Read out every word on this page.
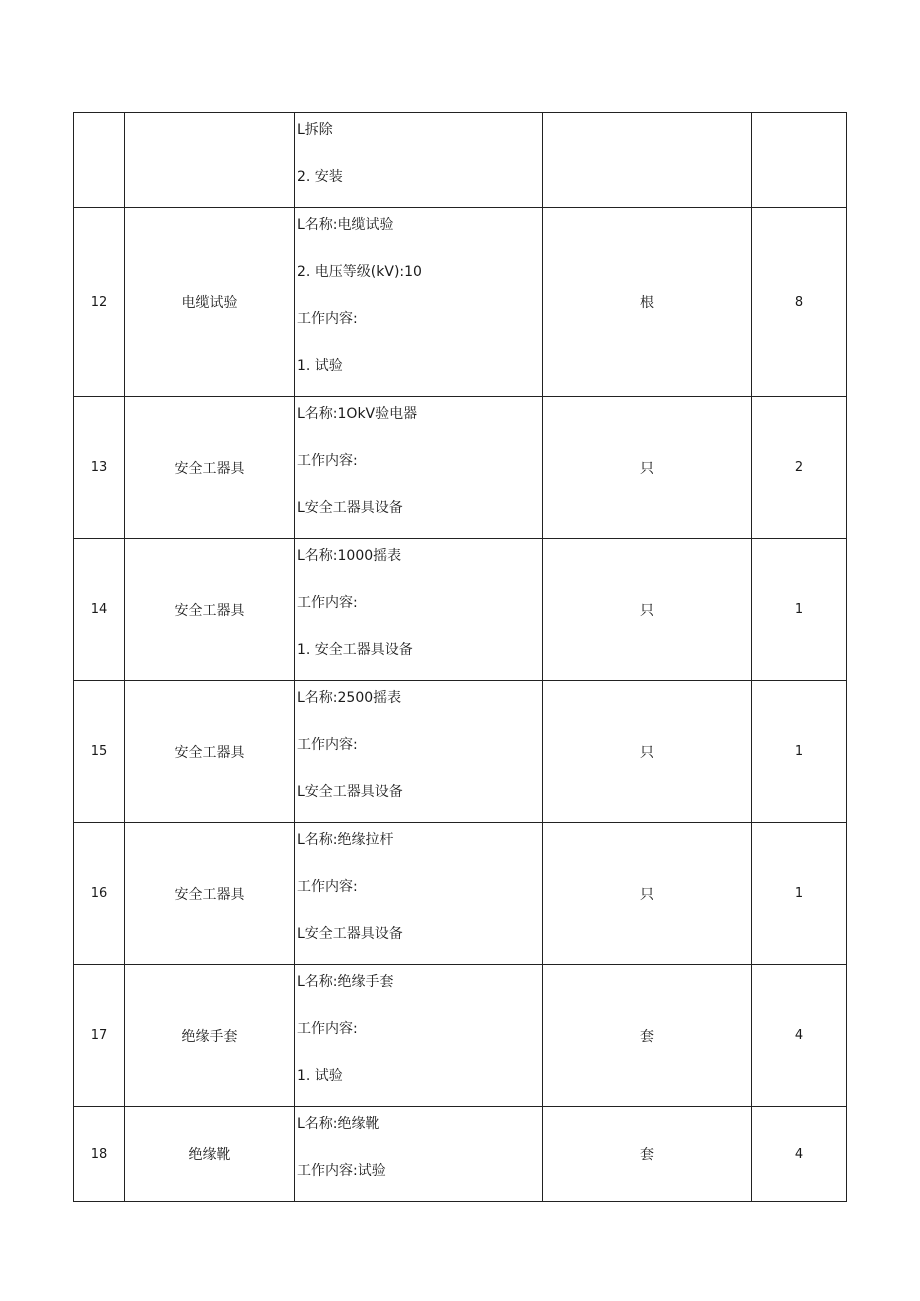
		L拆除
2. 安装		

12	电缆试验	L名称:电缆试验
2. 电压等级(kV):10
工作内容:
1. 试验	根	8
13	安全工器具	L名称:1OkV验电器
工作内容:
L安全工器具设备	只	2
14	安全工器具	L名称:1000摇表
工作内容:
1. 安全工器具设备	只	1
15	安全工器具	L名称:2500摇表
工作内容:
L安全工器具设备	只	1
16	安全工器具	L名称:绝缘拉杆
工作内容:
L安全工器具设备	只	1
17	绝缘手套	L名称:绝缘手套
工作内容:
1. 试验	套	4
18	绝缘靴	L名称:绝缘靴
工作内容:试验	套	4
